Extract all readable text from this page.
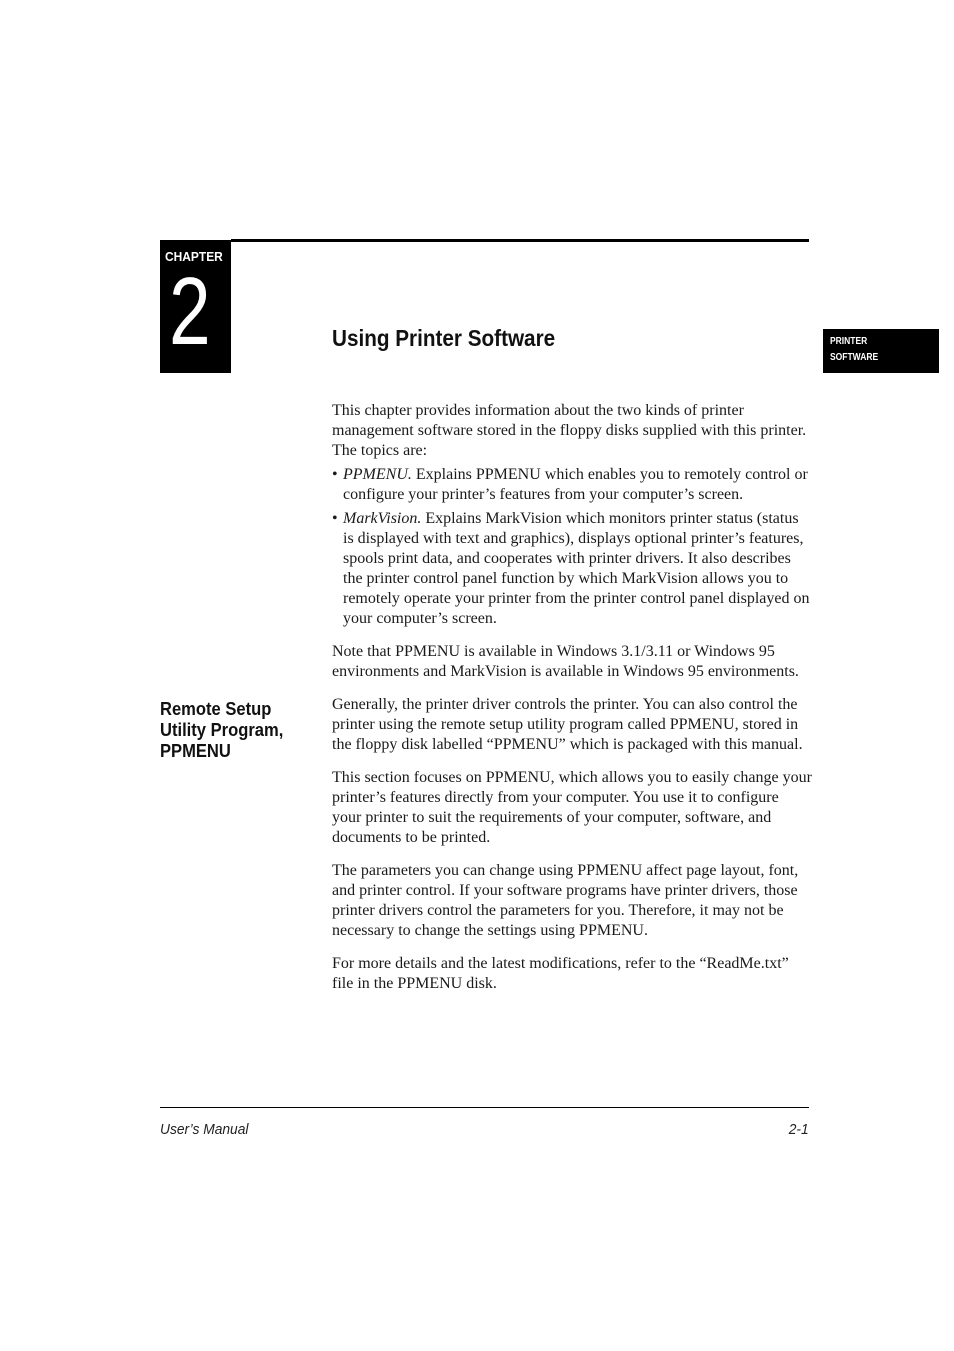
CHAPTER
2	Using Printer Software	PRINTER
SOFTWARE
Remote Setup Utility Program, PPMENU

This chapter provides information about the two kinds of printer management software stored in the floppy disks supplied with this printer. The topics are:

• PPMENU. Explains PPMENU which enables you to remotely control or configure your printer’s features from your computer’s screen.
• MarkVision. Explains MarkVision which monitors printer status (status is displayed with text and graphics), displays optional printer’s features, spools print data, and cooperates with printer drivers. It also describes the printer control panel function by which MarkVision allows you to remotely operate your printer from the printer control panel displayed on your computer’s screen.

Note that PPMENU is available in Windows 3.1/3.11 or Windows 95 environments and MarkVision is available in Windows 95 environments.

Generally, the printer driver controls the printer. You can also control the printer using the remote setup utility program called PPMENU, stored in the floppy disk labelled “PPMENU” which is packaged with this manual.

This section focuses on PPMENU, which allows you to easily change your printer’s features directly from your computer. You use it to configure your printer to suit the requirements of your computer, software, and documents to be printed.

The parameters you can change using PPMENU affect page layout, font, and printer control. If your software programs have printer drivers, those printer drivers control the parameters for you. Therefore, it may not be necessary to change the settings using PPMENU.

For more details and the latest modifications, refer to the “ReadMe.txt” file in the PPMENU disk.

User’s Manual	2-1
